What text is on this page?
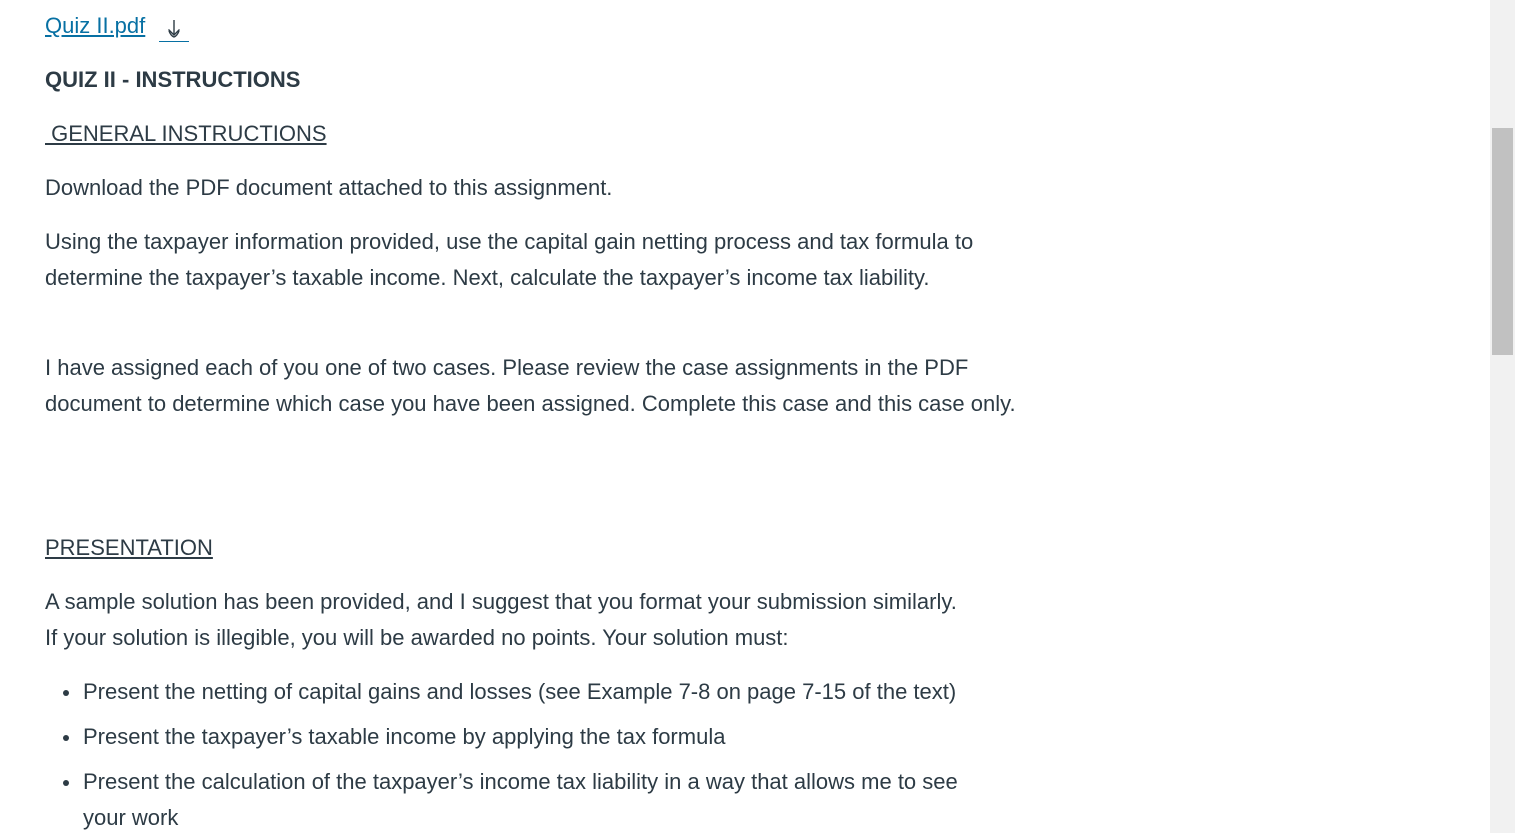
Quiz II.pdf
QUIZ II - INSTRUCTIONS
GENERAL INSTRUCTIONS

Download the PDF document attached to this assignment.

Using the taxpayer information provided, use the capital gain netting process and tax formula to determine the taxpayer’s taxable income. Next, calculate the taxpayer’s income tax liability.

I have assigned each of you one of two cases. Please review the case assignments in the PDF document to determine which case you have been assigned. Complete this case and this case only.

PRESENTATION

A sample solution has been provided, and I suggest that you format your submission similarly. If your solution is illegible, you will be awarded no points. Your solution must:

Present the netting of capital gains and losses (see Example 7-8 on page 7-15 of the text)
Present the taxpayer’s taxable income by applying the tax formula
Present the calculation of the taxpayer’s income tax liability in a way that allows me to see your work
